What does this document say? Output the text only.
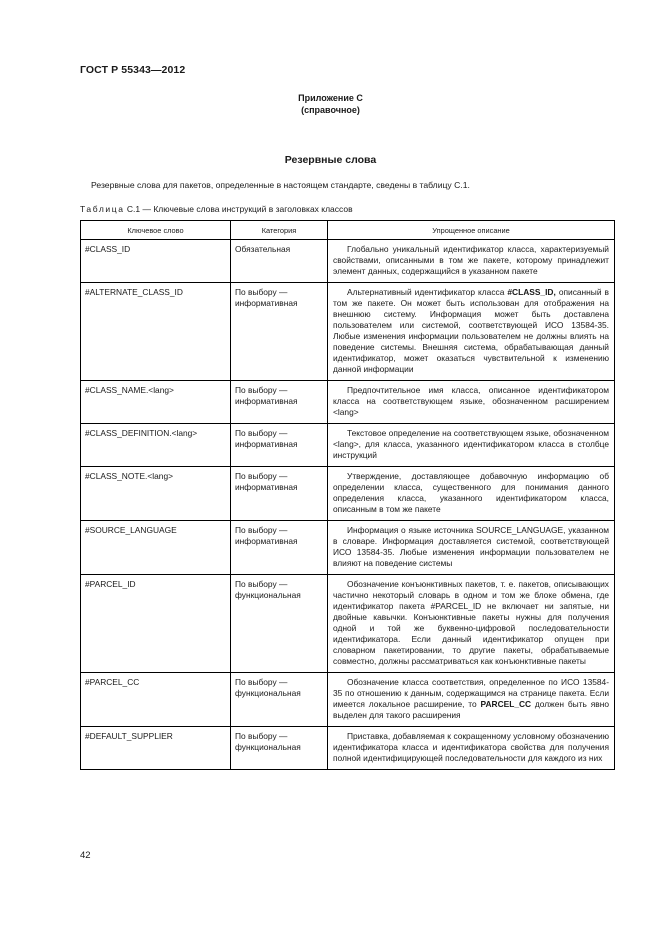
ГОСТ Р 55343—2012
Приложение С
(справочное)
Резервные слова
Резервные слова для пакетов, определенные в настоящем стандарте, сведены в таблицу С.1.
Таблица С.1 — Ключевые слова инструкций в заголовках классов
Ключевое слово	Категория	Упрощенное описание
#CLASS_ID	Обязательная	Глобально уникальный идентификатор класса, характеризуемый свойствами, описанными в том же пакете, которому принадлежит элемент данных, содержащийся в указанном пакете
#ALTERNATE_CLASS_ID	По выбору — информативная	Альтернативный идентификатор класса #CLASS_ID, описанный в том же пакете. Он может быть использован для отображения на внешнюю систему. Информация может быть доставлена пользователем или системой, соответствующей ИСО 13584-35. Любые изменения информации пользователем не должны влиять на поведение системы. Внешняя система, обрабатывающая данный идентификатор, может оказаться чувствительной к изменению данной информации
#CLASS_NAME.<lang>	По выбору — информативная	Предпочтительное имя класса, описанное идентификатором класса на соответствующем языке, обозначенном расширением <lang>
#CLASS_DEFINITION.<lang>	По выбору — информативная	Текстовое определение на соответствующем языке, обозначенном <lang>, для класса, указанного идентификатором класса в столбце инструкций
#CLASS_NOTE.<lang>	По выбору — информативная	Утверждение, доставляющее добавочную информацию об определении класса, существенного для понимания данного определения класса, указанного идентификатором класса, описанным в том же пакете
#SOURCE_LANGUAGE	По выбору — информативная	Информация о языке источника SOURCE_LANGUAGE, указанном в словаре. Информация доставляется системой, соответствующей ИСО 13584-35. Любые изменения информации пользователем не влияют на поведение системы
#PARCEL_ID	По выбору — функциональная	Обозначение конъюнктивных пакетов, т. е. пакетов, описывающих частично некоторый словарь в одном и том же блоке обмена, где идентификатор пакета #PARCEL_ID не включает ни запятые, ни двойные кавычки. Конъюнктивные пакеты нужны для получения одной и той же буквенно-цифровой последовательности идентификатора. Если данный идентификатор опущен при словарном пакетировании, то другие пакеты, обрабатываемые совместно, должны рассматриваться как конъюнктивные пакеты
#PARCEL_CC	По выбору — функциональная	Обозначение класса соответствия, определенное по ИСО 13584-35 по отношению к данным, содержащимся на странице пакета. Если имеется локальное расширение, то PARCEL_CC должен быть явно выделен для такого расширения
#DEFAULT_SUPPLIER	По выбору — функциональная	Приставка, добавляемая к сокращенному условному обозначению идентификатора класса и идентификатора свойства для получения полной идентифицирующей последовательности для каждого из них
42
